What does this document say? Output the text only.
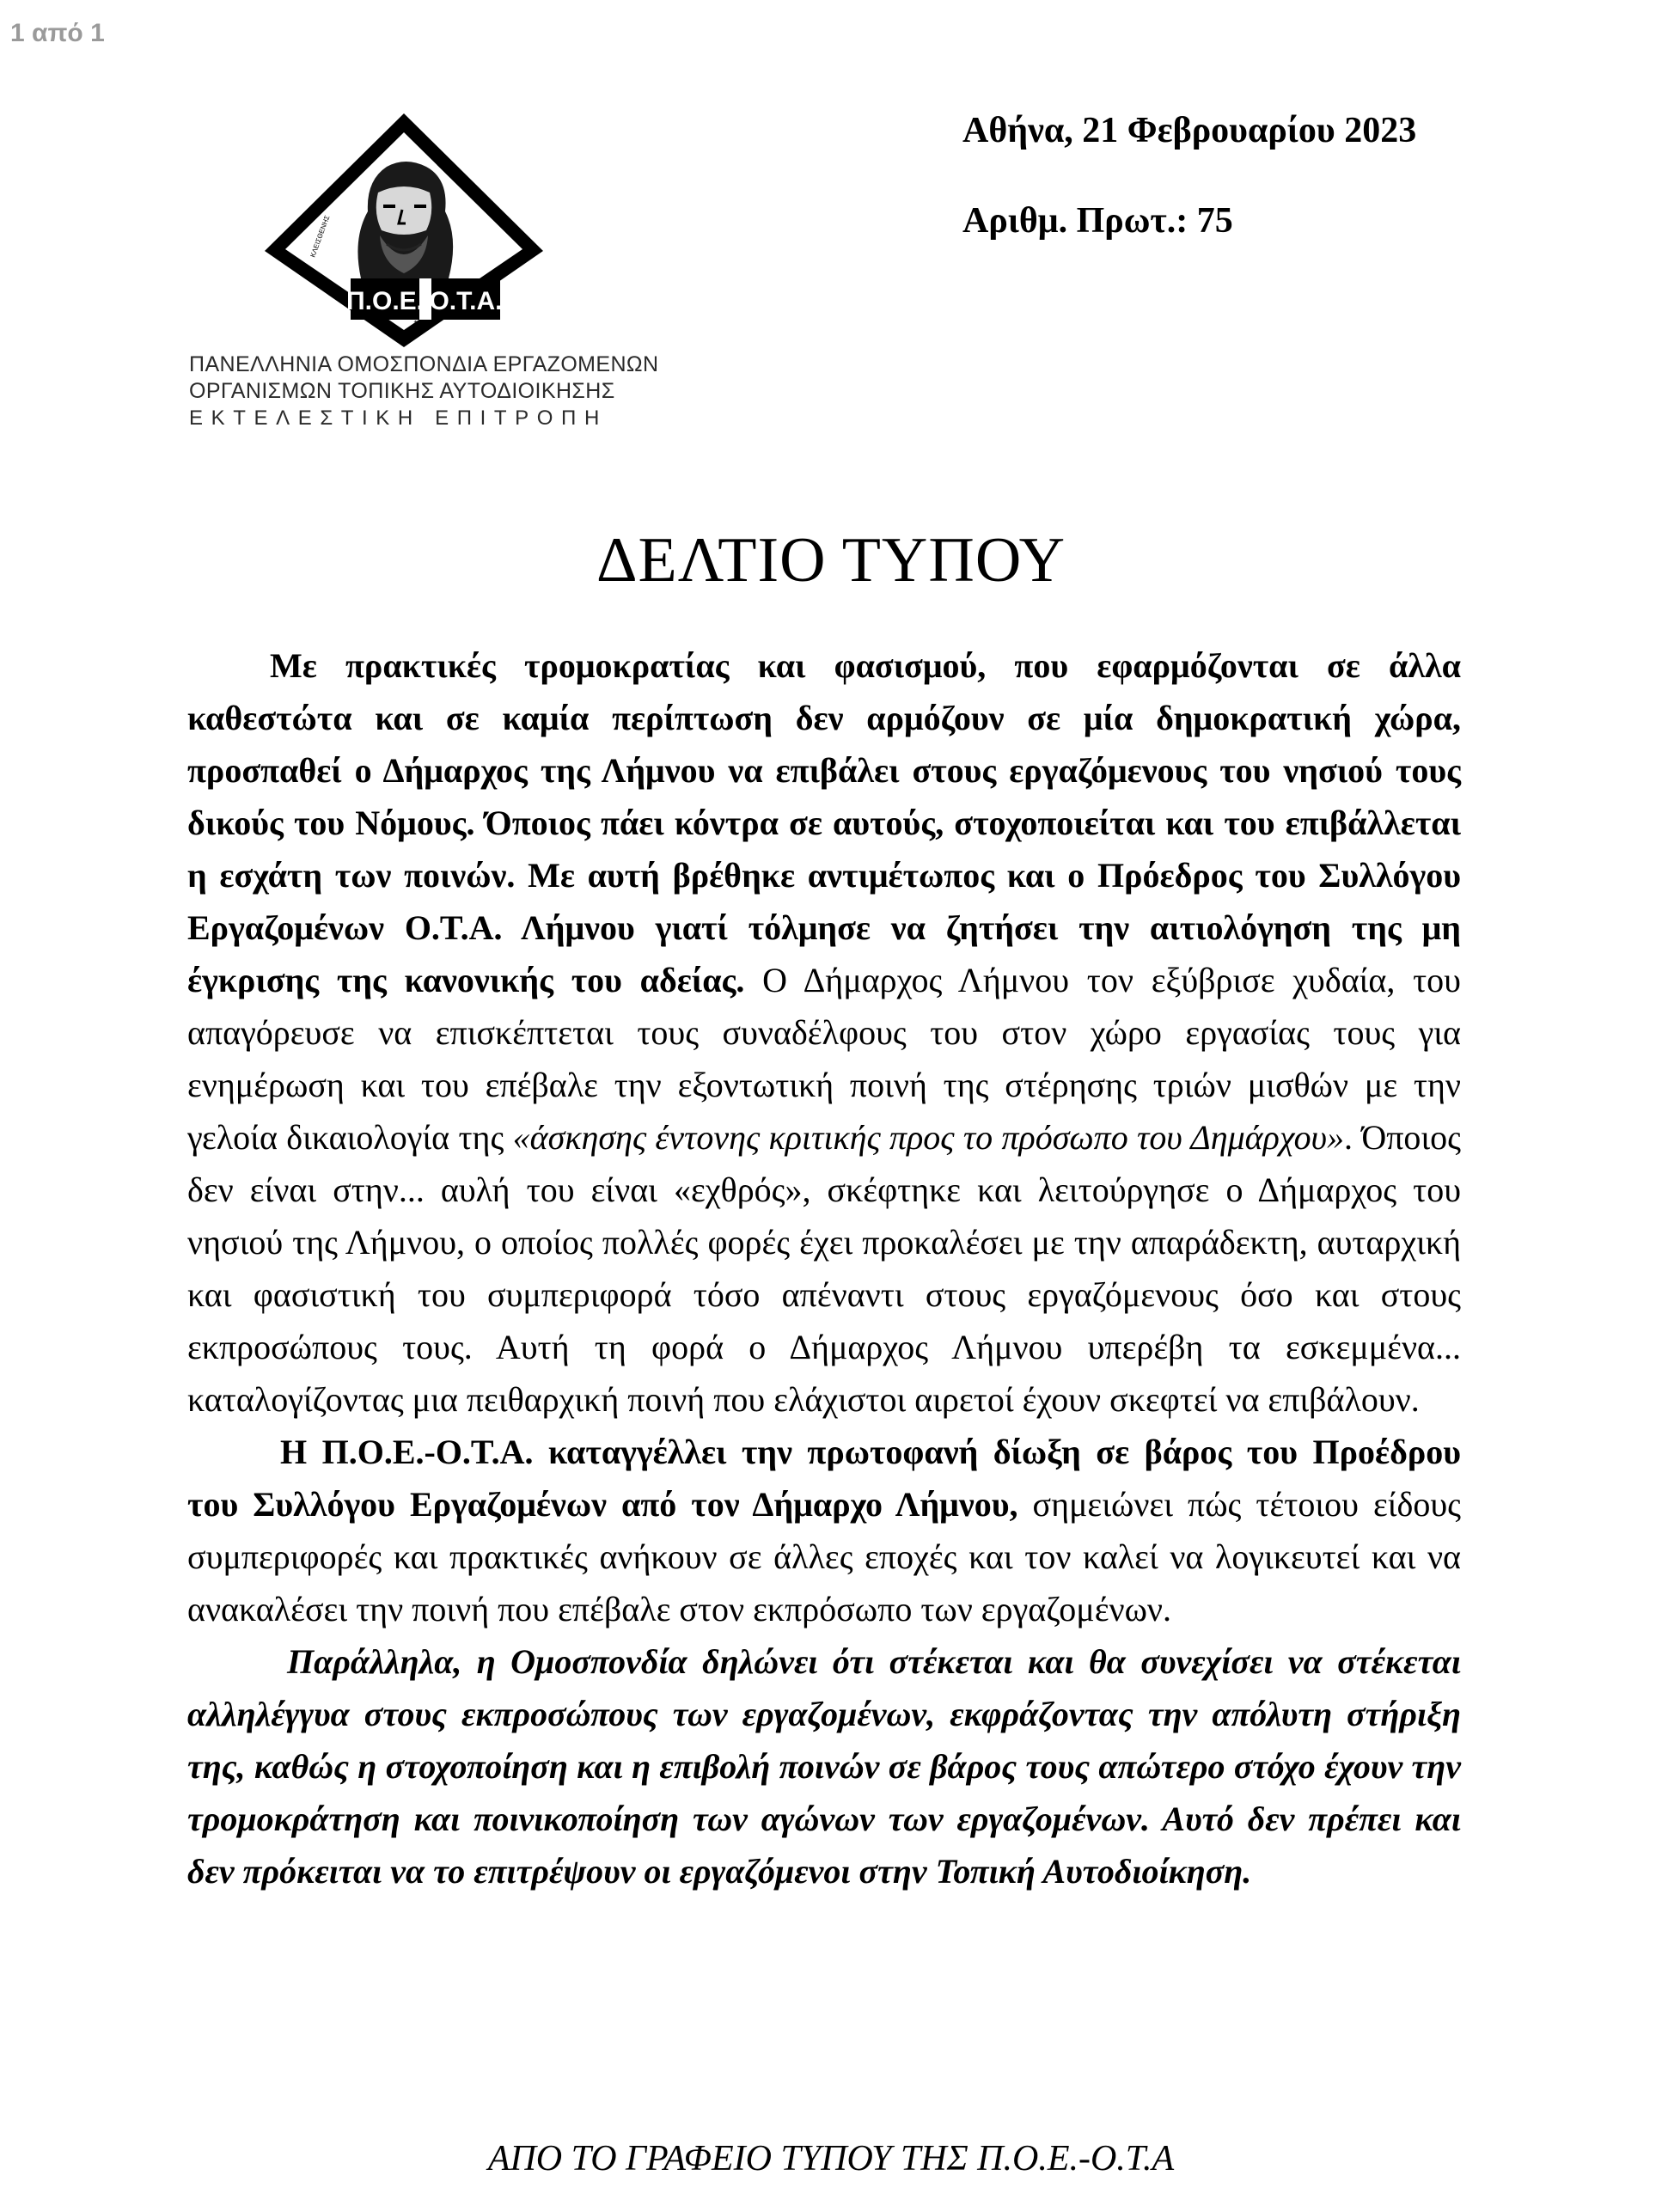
1 από 1
Π.Ο.Ε. Ο.Τ.Α.
1950
ΚΛΕΙΣΘΕΝΗΣ
ΠΑΝΕΛΛΗΝΙΑ ΟΜΟΣΠΟΝΔΙΑ ΕΡΓΑΖΟΜΕΝΩΝ
ΟΡΓΑΝΙΣΜΩΝ ΤΟΠΙΚΗΣ ΑΥΤΟΔΙΟΙΚΗΣΗΣ
ΕΚΤΕΛΕΣΤΙΚΗ ΕΠΙΤΡΟΠΗ
Αθήνα, 21 Φεβρουαρίου 2023
Αριθμ. Πρωτ.: 75
ΔΕΛΤΙΟ ΤΥΠΟΥ

Με πρακτικές τρομοκρατίας και φασισμού, που εφαρμόζονται σε άλλα καθεστώτα και σε καμία περίπτωση δεν αρμόζουν σε μία δημοκρατική χώρα, προσπαθεί ο Δήμαρχος της Λήμνου να επιβάλει στους εργαζόμενους του νησιού τους δικούς του Νόμους. Όποιος πάει κόντρα σε αυτούς, στοχοποιείται και του επιβάλλεται η εσχάτη των ποινών. Με αυτή βρέθηκε αντιμέτωπος και ο Πρόεδρος του Συλλόγου Εργαζομένων Ο.Τ.Α. Λήμνου γιατί τόλμησε να ζητήσει την αιτιολόγηση της μη έγκρισης της κανονικής του αδείας. Ο Δήμαρχος Λήμνου τον εξύβρισε χυδαία, του απαγόρευσε να επισκέπτεται τους συναδέλφους του στον χώρο εργασίας τους για ενημέρωση και του επέβαλε την εξοντωτική ποινή της στέρησης τριών μισθών με την γελοία δικαιολογία της «άσκησης έντονης κριτικής προς το πρόσωπο του Δημάρχου». Όποιος δεν είναι στην... αυλή του είναι «εχθρός», σκέφτηκε και λειτούργησε ο Δήμαρχος του νησιού της Λήμνου, ο οποίος πολλές φορές έχει προκαλέσει με την απαράδεκτη, αυταρχική και φασιστική του συμπεριφορά τόσο απέναντι στους εργαζόμενους όσο και στους εκπροσώπους τους. Αυτή τη φορά ο Δήμαρχος Λήμνου υπερέβη τα εσκεμμένα... καταλογίζοντας μια πειθαρχική ποινή που ελάχιστοι αιρετοί έχουν σκεφτεί να επιβάλουν.

Η Π.Ο.Ε.-Ο.Τ.Α. καταγγέλλει την πρωτοφανή δίωξη σε βάρος του Προέδρου του Συλλόγου Εργαζομένων από τον Δήμαρχο Λήμνου, σημειώνει πώς τέτοιου είδους συμπεριφορές και πρακτικές ανήκουν σε άλλες εποχές και τον καλεί να λογικευτεί και να ανακαλέσει την ποινή που επέβαλε στον εκπρόσωπο των εργαζομένων.

Παράλληλα, η Ομοσπονδία δηλώνει ότι στέκεται και θα συνεχίσει να στέκεται αλληλέγγυα στους εκπροσώπους των εργαζομένων, εκφράζοντας την απόλυτη στήριξη της, καθώς η στοχοποίηση και η επιβολή ποινών σε βάρος τους απώτερο στόχο έχουν την τρομοκράτηση και ποινικοποίηση των αγώνων των εργαζομένων. Αυτό δεν πρέπει και δεν πρόκειται να το επιτρέψουν οι εργαζόμενοι στην Τοπική Αυτοδιοίκηση.

ΑΠΟ ΤΟ ΓΡΑΦΕΙΟ ΤΥΠΟΥ ΤΗΣ Π.Ο.Ε.-Ο.Τ.Α
